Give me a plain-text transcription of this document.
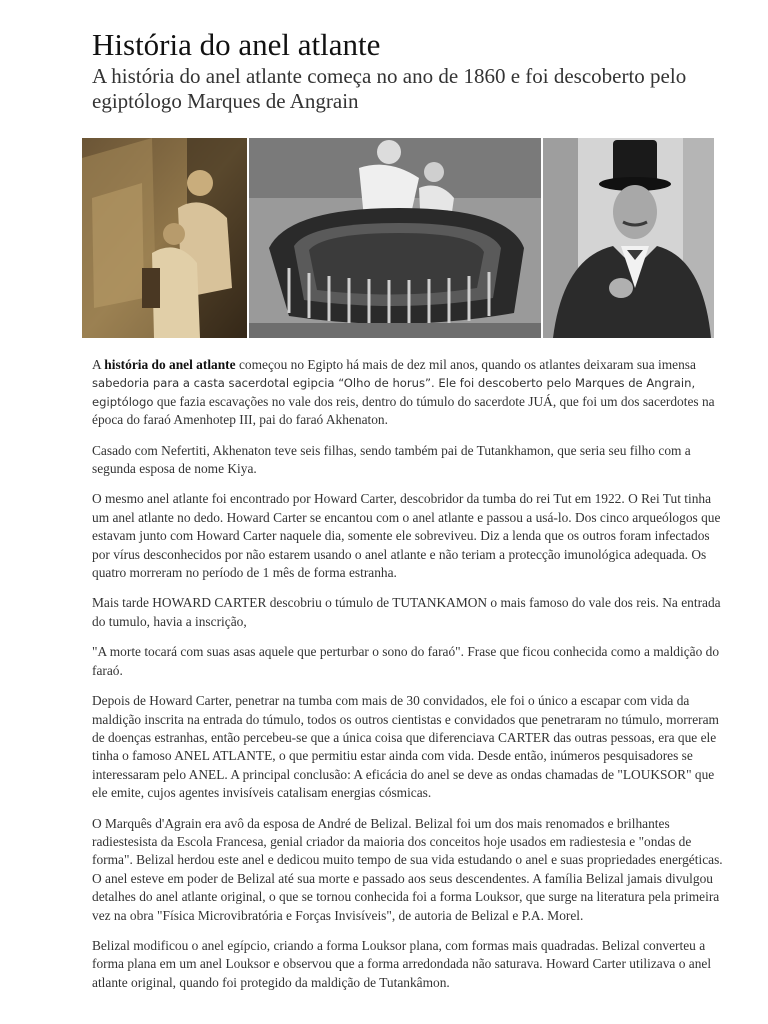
História do anel atlante
A história do anel atlante começa no ano de 1860 e foi descoberto pelo egiptólogo Marques de Angrain

A história do anel atlante começou no Egipto há mais de dez mil anos, quando os atlantes deixaram sua imensa sabedoria para a casta sacerdotal egipcia “Olho de horus”. Ele foi descoberto pelo Marques de Angrain, egiptólogo que fazia escavações no vale dos reis, dentro do túmulo do sacerdote JUÁ, que foi um dos sacerdotes na época do faraó Amenhotep III, pai do faraó Akhenaton.

Casado com Nefertiti, Akhenaton teve seis filhas, sendo também pai de Tutankhamon, que seria seu filho com a segunda esposa de nome Kiya.

O mesmo anel atlante foi encontrado por Howard Carter, descobridor da tumba do rei Tut em 1922. O Rei Tut tinha um anel atlante no dedo. Howard Carter se encantou com o anel atlante e passou a usá-lo. Dos cinco arqueólogos que estavam junto com Howard Carter naquele dia, somente ele sobreviveu. Diz a lenda que os outros foram infectados por vírus desconhecidos por não estarem usando o anel atlante e não teriam a protecção imunológica adequada. Os quatro morreram no período de 1 mês de forma estranha.

Mais tarde HOWARD CARTER descobriu o túmulo de TUTANKAMON o mais famoso do vale dos reis. Na entrada do tumulo, havia a inscrição,

"A morte tocará com suas asas aquele que perturbar o sono do faraó". Frase que ficou conhecida como a maldição do faraó.

Depois de Howard Carter, penetrar na tumba com mais de 30 convidados, ele foi o único a escapar com vida da maldição inscrita na entrada do túmulo, todos os outros cientistas e convidados que penetraram no túmulo, morreram de doenças estranhas, então percebeu-se que a única coisa que diferenciava CARTER das outras pessoas, era que ele tinha o famoso ANEL ATLANTE, o que permitiu estar ainda com vida. Desde então, inúmeros pesquisadores se interessaram pelo ANEL. A principal conclusão: A eficácia do anel se deve as ondas chamadas de "LOUKSOR" que ele emite, cujos agentes invisíveis catalisam energias cósmicas.

O Marquês d'Agrain era avô da esposa de André de Belizal. Belizal foi um dos mais renomados e brilhantes radiestesista da Escola Francesa, genial criador da maioria dos conceitos hoje usados em radiestesia e "ondas de forma". Belizal herdou este anel e dedicou muito tempo de sua vida estudando o anel e suas propriedades energéticas. O anel esteve em poder de Belizal até sua morte e passado aos seus descendentes. A família Belizal jamais divulgou detalhes do anel atlante original, o que se tornou conhecida foi a forma Louksor, que surge na literatura pela primeira vez na obra "Física Microvibratória e Forças Invisíveis", de autoria de Belizal e P.A. Morel.

Belizal modificou o anel egípcio, criando a forma Louksor plana, com formas mais quadradas. Belizal converteu a forma plana em um anel Louksor e observou que a forma arredondada não saturava. Howard Carter utilizava o anel atlante original, quando foi protegido da maldição de Tutankâmon.
